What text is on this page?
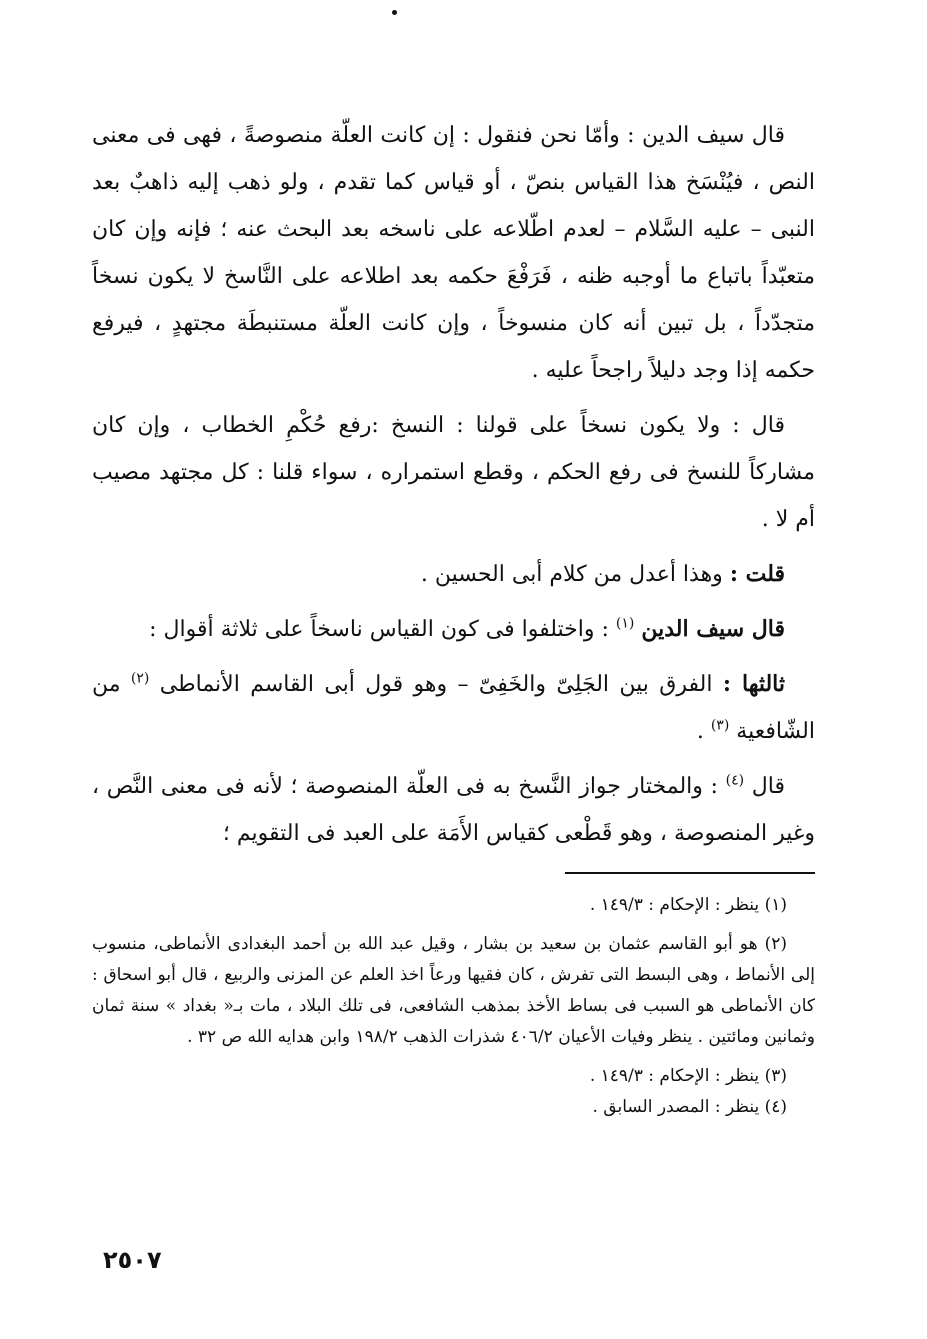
قال سيف الدين : وأمّا نحن فنقول : إن كانت العلّة منصوصةً ، فهى فى معنى النص ، فيُنْسَخ هذا القياس بنصّ ، أو قياس كما تقدم ، ولو ذهب إليه ذاهبٌ بعد النبى – عليه السَّلام – لعدم اطّلاعه على ناسخه بعد البحث عنه ؛ فإنه وإن كان متعبّداً باتباع ما أوجبه ظنه ، فَرَفْعَ حكمه بعد اطلاعه على النَّاسخ لا يكون نسخاً متجدّداً ، بل تبين أنه كان منسوخاً ، وإن كانت العلّة مستنبطَة مجتهدٍ ، فيرفع حكمه إذا وجد دليلاً راجحاً عليه .

قال : ولا يكون نسخاً على قولنا : النسخ :رفع حُكْمِ الخطاب ، وإن كان مشاركاً للنسخ فى رفع الحكم ، وقطع استمراره ، سواء قلنا : كل مجتهد مصيب أم لا .

قلت : وهذا أعدل من كلام أبى الحسين .

قال سيف الدين $^{(١)}$ : واختلفوا فى كون القياس ناسخاً على ثلاثة أقوال :

ثالثها : الفرق بين الجَلِىّ والخَفِىّ – وهو قول أبى القاسم الأنماطى $^{(٢)}$ من الشّافعية $^{(٣)}$ .

قال $^{(٤)}$ : والمختار جواز النَّسخ به فى العلّة المنصوصة ؛ لأنه فى معنى النَّص ، وغير المنصوصة ، وهو قَطْعى كقياس الأَمَة على العبد فى التقويم ؛

(١) ينظر : الإحكام : ١٤٩/٣ .

(٢) هو أبو القاسم عثمان بن سعيد بن بشار ، وقيل عبد الله بن أحمد البغدادى الأنماطى، منسوب إلى الأنماط ، وهى البسط التى تفرش ، كان فقيها ورعاً اخذ العلم عن المزنى والربيع ، قال أبو اسحاق : كان الأنماطى هو السبب فى بساط الأخذ بمذهب الشافعى، فى تلك البلاد ، مات بـ« بغداد » سنة ثمان وثمانين ومائتين . ينظر وفيات الأعيان ٤٠٦/٢ شذرات الذهب ١٩٨/٢ وابن هدايه الله ص ٣٢ .

(٣) ينظر : الإحكام : ١٤٩/٣ .

(٤) ينظر : المصدر السابق .

٢٥٠٧
